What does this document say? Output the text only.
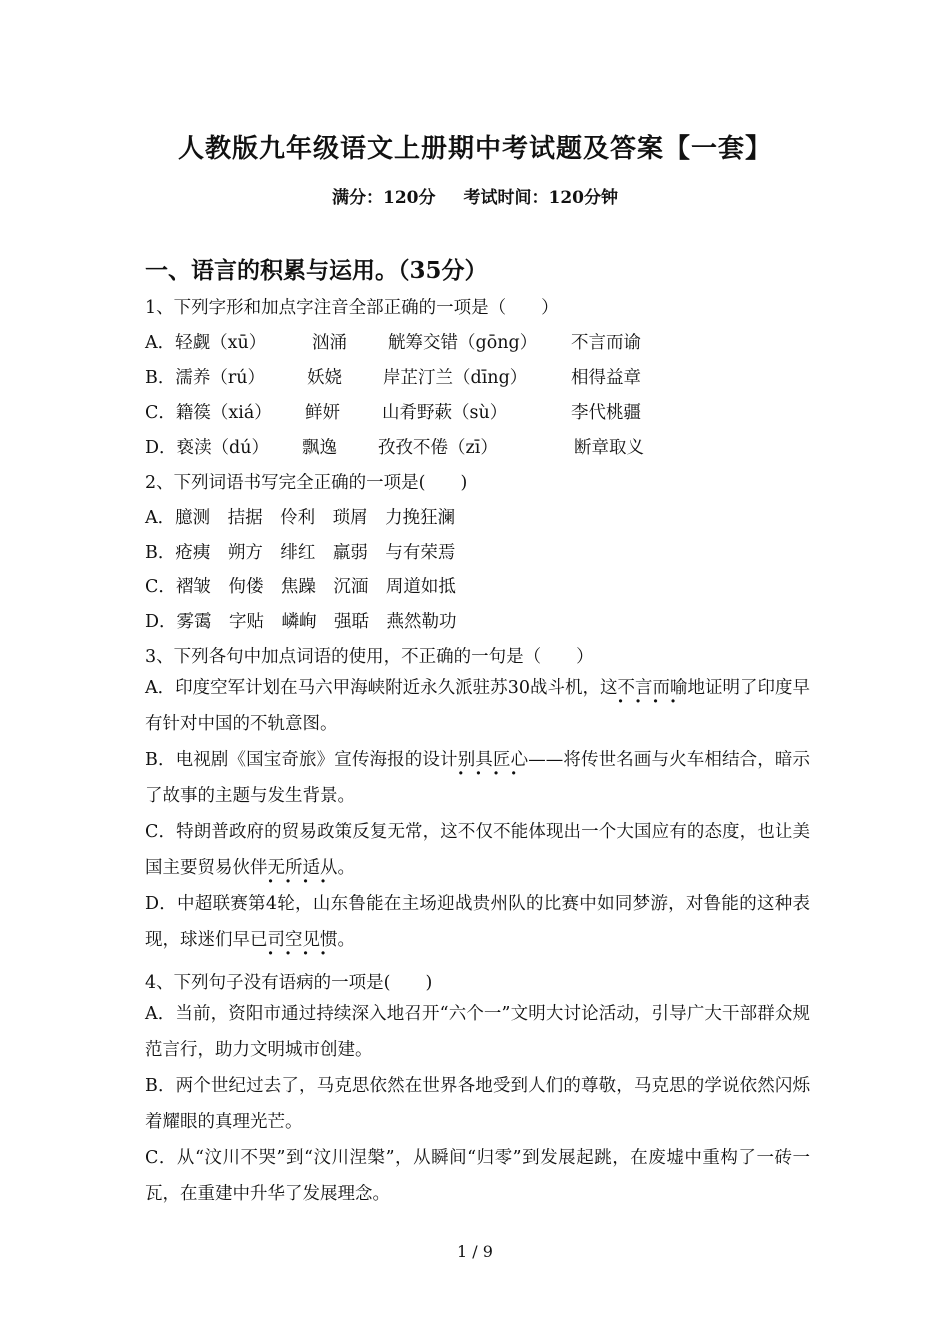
人教版九年级语文上册期中考试题及答案【一套】
满分：120分 考试时间：120分钟
一、语言的积累与运用。（35分）
1、下列字形和加点字注音全部正确的一项是（　　）
A．轻觑（xū）	汹涌 觥筹交错（gōng） 不言而谕
B．濡养（rú） 妖娆 岸芷汀兰（dīng） 相得益章
C．籍篌（xiá） 鲜妍 山肴野蔌（sù）	李代桃疆
D．亵渎（dú） 飘逸 孜孜不倦（zī）	断章取义
2、下列词语书写完全正确的一项是(　　)
A．臆测　拮据　伶利　琐屑　力挽狂澜
B．疮痍　朔方　绯红　羸弱　与有荣焉
C．褶皱　佝偻　焦躁　沉湎　周道如抵
D．雾霭　字贴　嶙峋　强聒　燕然勒功
3、下列各句中加点词语的使用，不正确的一句是（　　）

A．印度空军计划在马六甲海峡附近永久派驻苏30战斗机，这不言而喻地证明了印度早有针对中国的不轨意图。

B．电视剧《国宝奇旅》宣传海报的设计别具匠心——将传世名画与火车相结合，暗示了故事的主题与发生背景。

C．特朗普政府的贸易政策反复无常，这不仅不能体现出一个大国应有的态度，也让美国主要贸易伙伴无所适从。

D．中超联赛第4轮，山东鲁能在主场迎战贵州队的比赛中如同梦游，对鲁能的这种表现，球迷们早已司空见惯。

4、下列句子没有语病的一项是(　　)

A．当前，资阳市通过持续深入地召开“六个一”文明大讨论活动，引导广大干部群众规范言行，助力文明城市创建。

B．两个世纪过去了，马克思依然在世界各地受到人们的尊敬，马克思的学说依然闪烁着耀眼的真理光芒。

C．从“汶川不哭”到“汶川涅槃”，从瞬间“归零”到发展起跳，在废墟中重构了一砖一瓦，在重建中升华了发展理念。

1 / 9
